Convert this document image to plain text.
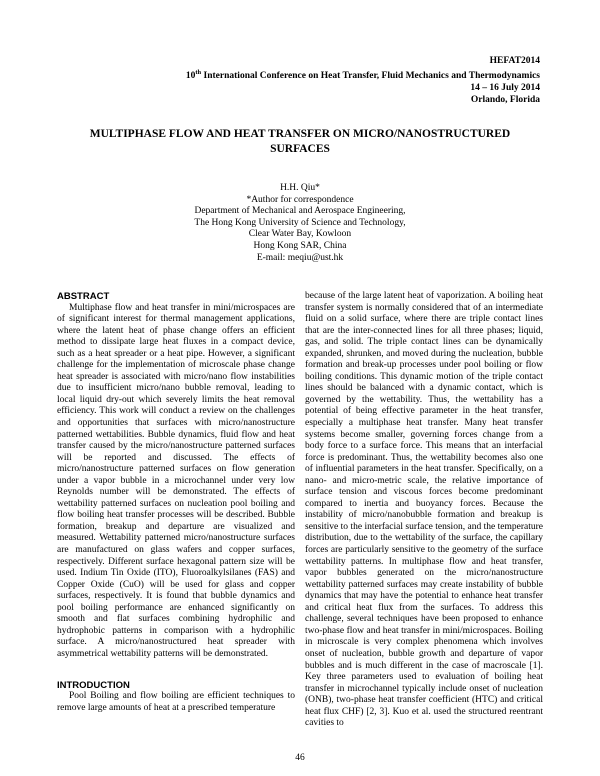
HEFAT2014
10th International Conference on Heat Transfer, Fluid Mechanics and Thermodynamics
14 – 16 July 2014
Orlando, Florida
MULTIPHASE FLOW AND HEAT TRANSFER ON MICRO/NANOSTRUCTURED SURFACES
H.H. Qiu*
*Author for correspondence
Department of Mechanical and Aerospace Engineering,
The Hong Kong University of Science and Technology,
Clear Water Bay, Kowloon
Hong Kong SAR, China
E-mail: meqiu@ust.hk
ABSTRACT
Multiphase flow and heat transfer in mini/microspaces are of significant interest for thermal management applications, where the latent heat of phase change offers an efficient method to dissipate large heat fluxes in a compact device, such as a heat spreader or a heat pipe. However, a significant challenge for the implementation of microscale phase change heat spreader is associated with micro/nano flow instabilities due to insufficient micro/nano bubble removal, leading to local liquid dry-out which severely limits the heat removal efficiency. This work will conduct a review on the challenges and opportunities that surfaces with micro/nanostructure patterned wettabilities. Bubble dynamics, fluid flow and heat transfer caused by the micro/nanostructure patterned surfaces will be reported and discussed. The effects of micro/nanostructure patterned surfaces on flow generation under a vapor bubble in a microchannel under very low Reynolds number will be demonstrated. The effects of wettability patterned surfaces on nucleation pool boiling and flow boiling heat transfer processes will be described. Bubble formation, breakup and departure are visualized and measured. Wettability patterned micro/nanostructure surfaces are manufactured on glass wafers and copper surfaces, respectively. Different surface hexagonal pattern size will be used. Indium Tin Oxide (ITO), Fluoroalkylsilanes (FAS) and Copper Oxide (CuO) will be used for glass and copper surfaces, respectively. It is found that bubble dynamics and pool boiling performance are enhanced significantly on smooth and flat surfaces combining hydrophilic and hydrophobic patterns in comparison with a hydrophilic surface. A micro/nanostructured heat spreader with asymmetrical wettability patterns will be demonstrated.
INTRODUCTION
Pool Boiling and flow boiling are efficient techniques to remove large amounts of heat at a prescribed temperature
because of the large latent heat of vaporization. A boiling heat transfer system is normally considered that of an intermediate fluid on a solid surface, where there are triple contact lines that are the inter-connected lines for all three phases; liquid, gas, and solid. The triple contact lines can be dynamically expanded, shrunken, and moved during the nucleation, bubble formation and break-up processes under pool boiling or flow boiling conditions. This dynamic motion of the triple contact lines should be balanced with a dynamic contact, which is governed by the wettability. Thus, the wettability has a potential of being effective parameter in the heat transfer, especially a multiphase heat transfer. Many heat transfer systems become smaller, governing forces change from a body force to a surface force. This means that an interfacial force is predominant. Thus, the wettability becomes also one of influential parameters in the heat transfer. Specifically, on a nano- and micro-metric scale, the relative importance of surface tension and viscous forces become predominant compared to inertia and buoyancy forces. Because the instability of micro/nanobubble formation and breakup is sensitive to the interfacial surface tension, and the temperature distribution, due to the wettability of the surface, the capillary forces are particularly sensitive to the geometry of the surface wettability patterns. In multiphase flow and heat transfer, vapor bubbles generated on the micro/nanostructure wettability patterned surfaces may create instability of bubble dynamics that may have the potential to enhance heat transfer and critical heat flux from the surfaces. To address this challenge, several techniques have been proposed to enhance two-phase flow and heat transfer in mini/microspaces. Boiling in microscale is very complex phenomena which involves onset of nucleation, bubble growth and departure of vapor bubbles and is much different in the case of macroscale [1]. Key three parameters used to evaluation of boiling heat transfer in microchannel typically include onset of nucleation (ONB), two-phase heat transfer coefficient (HTC) and critical heat flux CHF) [2, 3]. Kuo et al. used the structured reentrant cavities to
46
